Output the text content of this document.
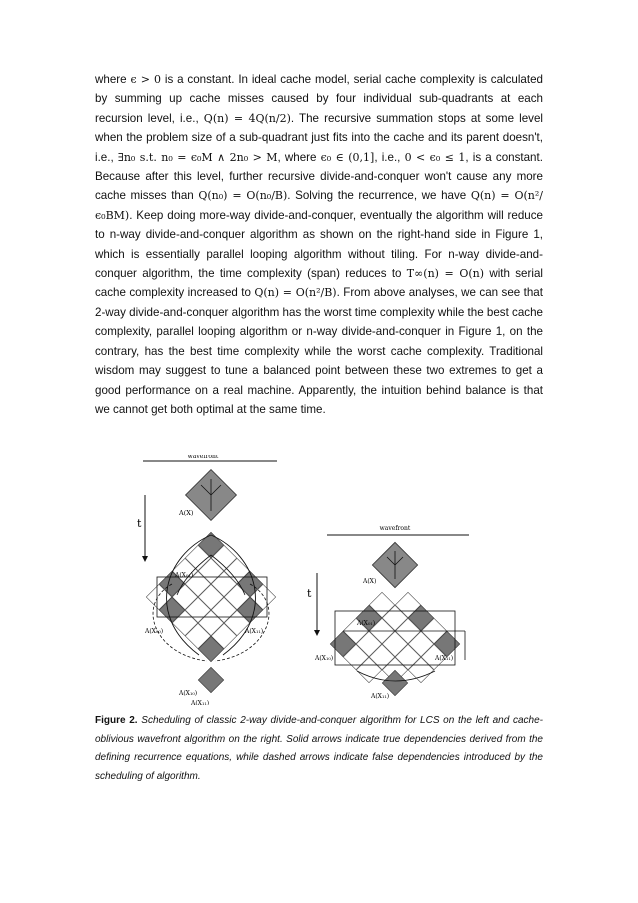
where ϵ > 0 is a constant. In ideal cache model, serial cache complexity is calculated by summing up cache misses caused by four individual sub-quadrants at each recursion level, i.e., Q(n) = 4Q(n/2). The recursive summation stops at some level when the problem size of a sub-quadrant just fits into the cache and its parent doesn't, i.e., ∃n₀ s.t. n₀ = ϵ₀M ∧ 2n₀ > M, where ϵ₀ ∈ (0,1], i.e., 0 < ϵ₀ ≤ 1, is a constant. Because after this level, further recursive divide-and-conquer won't cause any more cache misses than Q(n₀) = O(n₀/B). Solving the recurrence, we have Q(n) = O(n²/ϵ₀BM). Keep doing more-way divide-and-conquer, eventually the algorithm will reduce to n-way divide-and-conquer algorithm as shown on the right-hand side in Figure 1, which is essentially parallel looping algorithm without tiling. For n-way divide-and-conquer algorithm, the time complexity (span) reduces to T∞(n) = O(n) with serial cache complexity increased to Q(n) = O(n²/B). From above analyses, we can see that 2-way divide-and-conquer algorithm has the worst time complexity while the best cache complexity, parallel looping algorithm or n-way divide-and-conquer in Figure 1, on the contrary, has the best time complexity while the worst cache complexity. Traditional wisdom may suggest to tune a balanced point between these two extremes to get a good performance on a real machine. Apparently, the intuition behind balance is that we cannot get both optimal at the same time.

wavefront
t
A(X)
A(X₀₁)
A(X₀₀)	A(X₁₁)
A(X₁₀)
A(X₁₁)
wavefront
t
A(X)
A(X₀₁)
A(X₁₀)	A(X₁₁)
A(X₁₁)
Figure 2. Scheduling of classic 2-way divide-and-conquer algorithm for LCS on the left and cache-oblivious wavefront algorithm on the right. Solid arrows indicate true dependencies derived from the defining recurrence equations, while dashed arrows indicate false dependencies introduced by the scheduling of algorithm.
